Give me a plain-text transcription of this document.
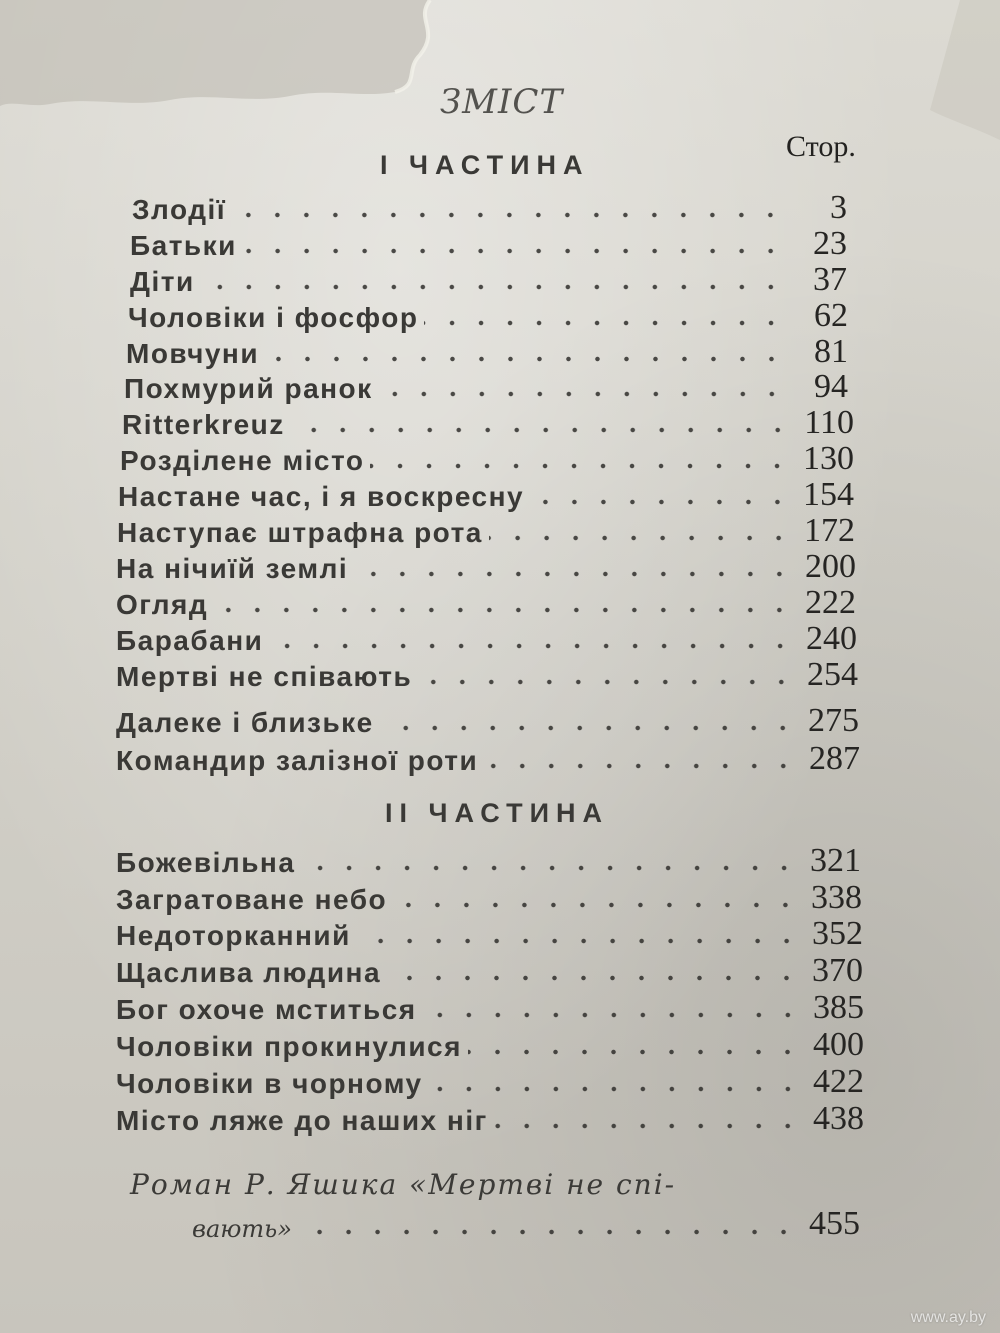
ЗМІСТ
Стор.
І ЧАСТИНА
ІІ ЧАСТИНА
Злодії	3
Батьки	23
Діти	37
Чоловіки і фосфор	62
Мовчуни	81
Похмурий ранок	94
Ritterkreuz	110
Розділене місто	130
Настане час, і я воскресну	154
Наступає штрафна рота	172
На нічиїй землі	200
Огляд	222
Барабани	240
Мертві не співають	254
Далеке і близьке	275
Командир залізної роти	287
Божевільна	321
Загратоване небо	338
Недоторканний	352
Щаслива людина	370
Бог охоче мститься	385
Чоловіки прокинулися	400
Чоловіки в чорному	422
Місто ляже до наших ніг	438
Роман Р. Яшика «Мертві не спі-
вають»	455
www.ay.by
